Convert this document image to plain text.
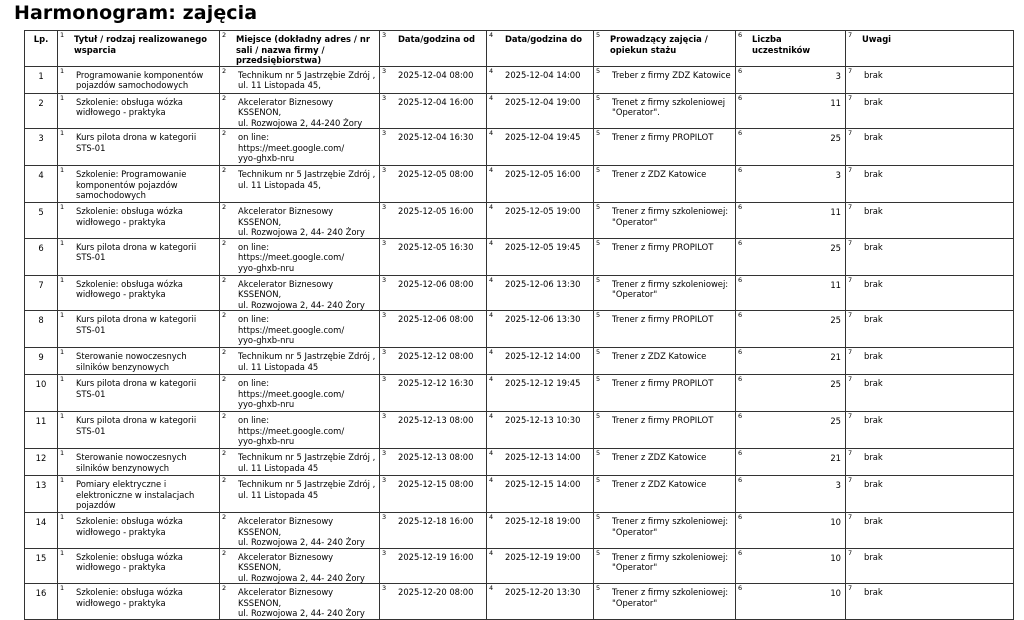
Harmonogram: zajęcia
Lp.	1 Tytuł / rodzaj realizowanego wsparcia	2 Miejsce (dokładny adres / nr sali / nazwa firmy / przedsiębiorstwa)	3 Data/godzina od	4 Data/godzina do	5 Prowadzący zajęcia / opiekun stażu	6 Liczba uczestników	7 Uwagi

1	1 Programowanie komponentów
pojazdów samochodowych	2 Technikum nr 5 Jastrzębie Zdrój ,
ul. 11 Listopada 45,	3 2025-12-04 08:00	4 2025-12-04 14:00	5 Treber z firmy ZDZ Katowice	6 3	7 brak

2	1 Szkolenie: obsługa wózka
widłowego - praktyka	2 Akcelerator Biznesowy KSSENON,
ul. Rozwojowa 2, 44-240 Żory	3 2025-12-04 16:00	4 2025-12-04 19:00	5 Trenet z firmy szkoleniowej
"Operator".	6 11	7 brak

3	1 Kurs pilota drona w kategorii
STS-01	2 on line: https://meet.google.com/
yyo-ghxb-nru	3 2025-12-04 16:30	4 2025-12-04 19:45	5 Trener z firmy PROPILOT	6 25	7 brak

4	1 Szkolenie: Programowanie
komponentów pojazdów
samochodowych	2 Technikum nr 5 Jastrzębie Zdrój ,
ul. 11 Listopada 45,	3 2025-12-05 08:00	4 2025-12-05 16:00	5 Trener z ZDZ Katowice	6 3	7 brak

5	1 Szkolenie: obsługa wózka
widłowego - praktyka	2 Akcelerator Biznesowy KSSENON,
ul. Rozwojowa 2, 44- 240 Żory	3 2025-12-05 16:00	4 2025-12-05 19:00	5 Trener z firmy szkoleniowej:
"Operator"	6 11	7 brak

6	1 Kurs pilota drona w kategorii
STS-01	2 on line: https://meet.google.com/
yyo-ghxb-nru	3 2025-12-05 16:30	4 2025-12-05 19:45	5 Trener z firmy PROPILOT	6 25	7 brak

7	1 Szkolenie: obsługa wózka
widłowego - praktyka	2 Akcelerator Biznesowy KSSENON,
ul. Rozwojowa 2, 44- 240 Żory	3 2025-12-06 08:00	4 2025-12-06 13:30	5 Trener z firmy szkoleniowej:
"Operator"	6 11	7 brak

8	1 Kurs pilota drona w kategorii
STS-01	2 on line: https://meet.google.com/
yyo-ghxb-nru	3 2025-12-06 08:00	4 2025-12-06 13:30	5 Trener z firmy PROPILOT	6 25	7 brak

9	1 Sterowanie nowoczesnych
silników benzynowych	2 Technikum nr 5 Jastrzębie Zdrój ,
ul. 11 Listopada 45	3 2025-12-12 08:00	4 2025-12-12 14:00	5 Trener z ZDZ Katowice	6 21	7 brak

10	1 Kurs pilota drona w kategorii
STS-01	2 on line: https://meet.google.com/
yyo-ghxb-nru	3 2025-12-12 16:30	4 2025-12-12 19:45	5 Trener z firmy PROPILOT	6 25	7 brak

11	1 Kurs pilota drona w kategorii
STS-01	2 on line: https://meet.google.com/
yyo-ghxb-nru	3 2025-12-13 08:00	4 2025-12-13 10:30	5 Trener z firmy PROPILOT	6 25	7 brak

12	1 Sterowanie nowoczesnych
silników benzynowych	2 Technikum nr 5 Jastrzębie Zdrój ,
ul. 11 Listopada 45	3 2025-12-13 08:00	4 2025-12-13 14:00	5 Trener z ZDZ Katowice	6 21	7 brak

13	1 Pomiary elektryczne i
elektroniczne w instalacjach
pojazdów	2 Technikum nr 5 Jastrzębie Zdrój ,
ul. 11 Listopada 45	3 2025-12-15 08:00	4 2025-12-15 14:00	5 Trener z ZDZ Katowice	6 3	7 brak

14	1 Szkolenie: obsługa wózka
widłowego - praktyka	2 Akcelerator Biznesowy KSSENON,
ul. Rozwojowa 2, 44- 240 Żory	3 2025-12-18 16:00	4 2025-12-18 19:00	5 Trener z firmy szkoleniowej:
"Operator"	6 10	7 brak

15	1 Szkolenie: obsługa wózka
widłowego - praktyka	2 Akcelerator Biznesowy KSSENON,
ul. Rozwojowa 2, 44- 240 Żory	3 2025-12-19 16:00	4 2025-12-19 19:00	5 Trener z firmy szkoleniowej:
"Operator"	6 10	7 brak

16	1 Szkolenie: obsługa wózka
widłowego - praktyka	2 Akcelerator Biznesowy KSSENON,
ul. Rozwojowa 2, 44- 240 Żory	3 2025-12-20 08:00	4 2025-12-20 13:30	5 Trener z firmy szkoleniowej:
"Operator"	6 10	7 brak
